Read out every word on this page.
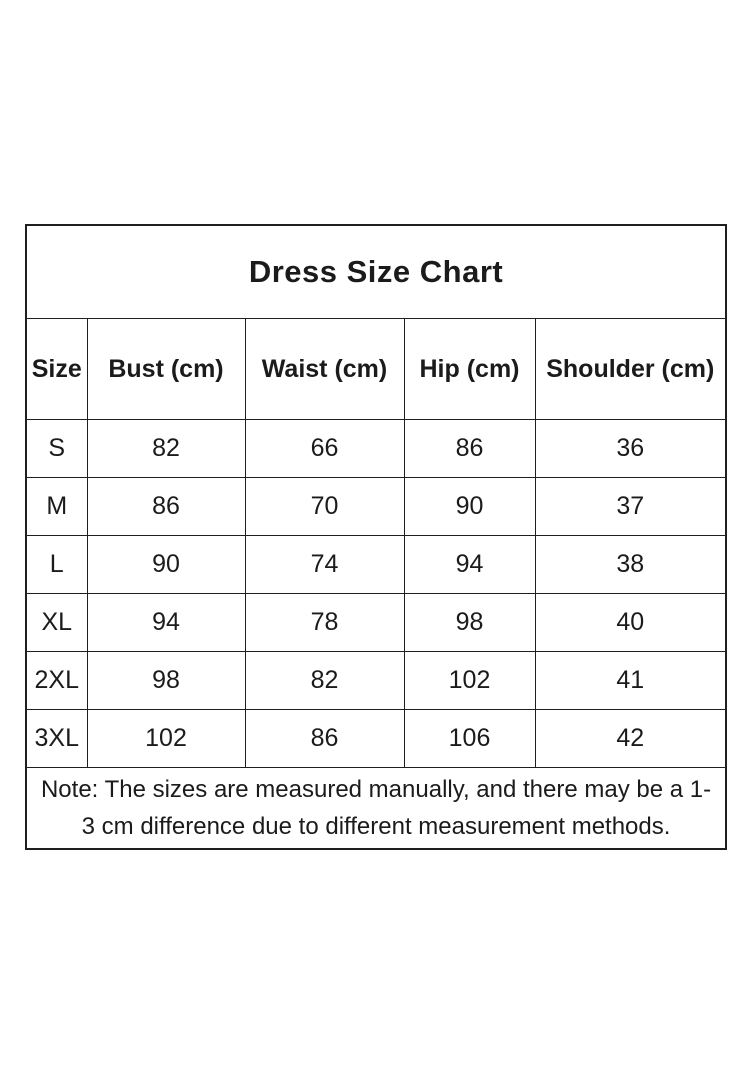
Dress Size Chart				
Size	Bust (cm)	Waist (cm)	Hip (cm)	Shoulder (cm)
S	82	66	86	36
M	86	70	90	37
L	90	74	94	38
XL	94	78	98	40
2XL	98	82	102	41
3XL	102	86	106	42
Note: The sizes are measured manually, and there may be a 1-3 cm difference due to different measurement methods.				
